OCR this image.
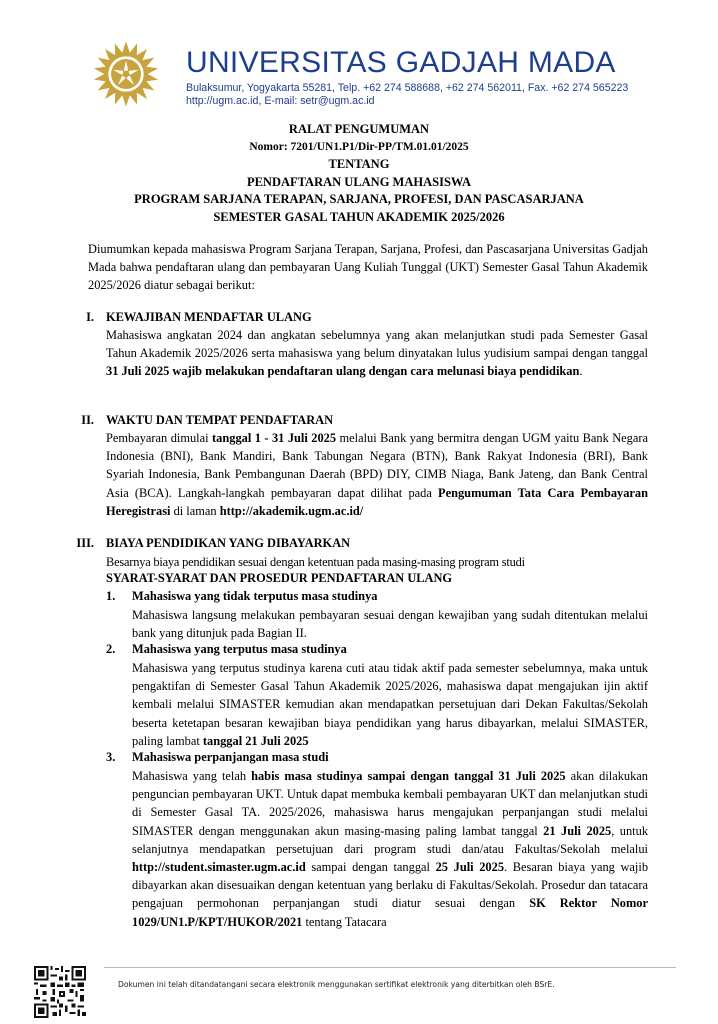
UNIVERSITAS GADJAH MADA
Bulaksumur, Yogyakarta 55281, Telp. +62 274 588688, +62 274 562011, Fax. +62 274 565223
http://ugm.ac.id, E-mail: setr@ugm.ac.id
RALAT PENGUMUMAN
Nomor: 7201/UN1.P1/Dir-PP/TM.01.01/2025
TENTANG
PENDAFTARAN ULANG MAHASISWA
PROGRAM SARJANA TERAPAN, SARJANA, PROFESI, DAN PASCASARJANA
SEMESTER GASAL TAHUN AKADEMIK 2025/2026
Diumumkan kepada mahasiswa Program Sarjana Terapan, Sarjana, Profesi, dan Pascasarjana Universitas Gadjah Mada bahwa pendaftaran ulang dan pembayaran Uang Kuliah Tunggal (UKT) Semester Gasal Tahun Akademik 2025/2026 diatur sebagai berikut:
I. KEWAJIBAN MENDAFTAR ULANG
Mahasiswa angkatan 2024 dan angkatan sebelumnya yang akan melanjutkan studi pada Semester Gasal Tahun Akademik 2025/2026 serta mahasiswa yang belum dinyatakan lulus yudisium sampai dengan tanggal 31 Juli 2025 wajib melakukan pendaftaran ulang dengan cara melunasi biaya pendidikan.
II. WAKTU DAN TEMPAT PENDAFTARAN
Pembayaran dimulai tanggal 1 - 31 Juli 2025 melalui Bank yang bermitra dengan UGM yaitu Bank Negara Indonesia (BNI), Bank Mandiri, Bank Tabungan Negara (BTN), Bank Rakyat Indonesia (BRI), Bank Syariah Indonesia, Bank Pembangunan Daerah (BPD) DIY, CIMB Niaga, Bank Jateng, dan Bank Central Asia (BCA). Langkah-langkah pembayaran dapat dilihat pada Pengumuman Tata Cara Pembayaran Heregistrasi di laman http://akademik.ugm.ac.id/
III. BIAYA PENDIDIKAN YANG DIBAYARKAN
Besarnya biaya pendidikan sesuai dengan ketentuan pada masing-masing program studi
SYARAT-SYARAT DAN PROSEDUR PENDAFTARAN ULANG
1. Mahasiswa yang tidak terputus masa studinya
Mahasiswa langsung melakukan pembayaran sesuai dengan kewajiban yang sudah ditentukan melalui bank yang ditunjuk pada Bagian II.
2. Mahasiswa yang terputus masa studinya
Mahasiswa yang terputus studinya karena cuti atau tidak aktif pada semester sebelumnya, maka untuk pengaktifan di Semester Gasal Tahun Akademik 2025/2026, mahasiswa dapat mengajukan ijin aktif kembali melalui SIMASTER kemudian akan mendapatkan persetujuan dari Dekan Fakultas/Sekolah beserta ketetapan besaran kewajiban biaya pendidikan yang harus dibayarkan, melalui SIMASTER, paling lambat tanggal 21 Juli 2025
3. Mahasiswa perpanjangan masa studi
Mahasiswa yang telah habis masa studinya sampai dengan tanggal 31 Juli 2025 akan dilakukan penguncian pembayaran UKT. Untuk dapat membuka kembali pembayaran UKT dan melanjutkan studi di Semester Gasal TA. 2025/2026, mahasiswa harus mengajukan perpanjangan studi melalui SIMASTER dengan menggunakan akun masing-masing paling lambat tanggal 21 Juli 2025, untuk selanjutnya mendapatkan persetujuan dari program studi dan/atau Fakultas/Sekolah melalui http://student.simaster.ugm.ac.id sampai dengan tanggal 25 Juli 2025. Besaran biaya yang wajib dibayarkan akan disesuaikan dengan ketentuan yang berlaku di Fakultas/Sekolah. Prosedur dan tatacara pengajuan permohonan perpanjangan studi diatur sesuai dengan SK Rektor Nomor 1029/UN1.P/KPT/HUKOR/2021 tentang Tatacara
Dokumen ini telah ditandatangani secara elektronik menggunakan sertifikat elektronik yang diterbitkan oleh BSrE.
